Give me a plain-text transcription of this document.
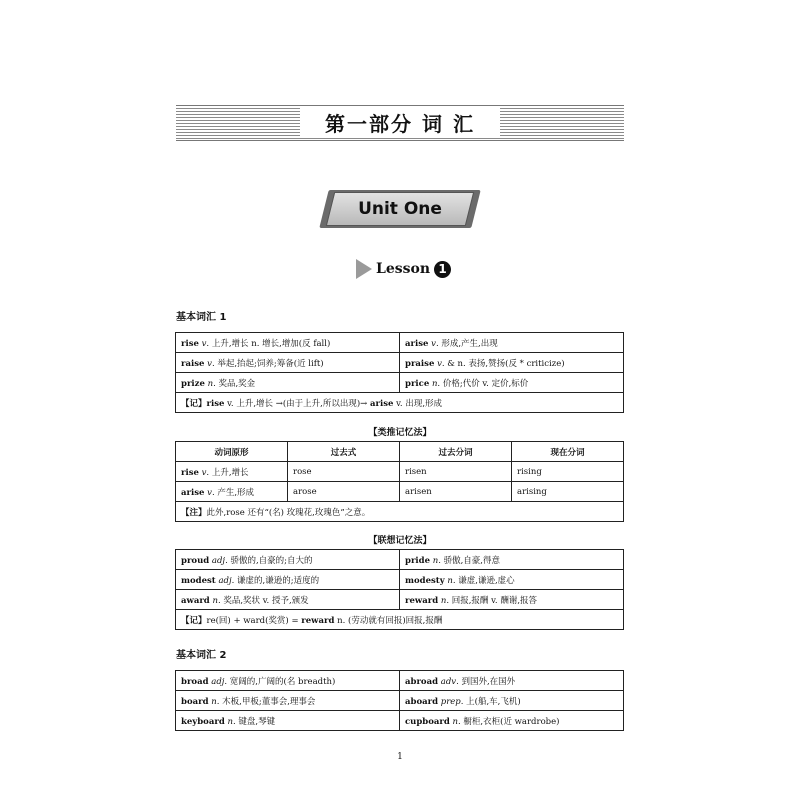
第一部分 词 汇
Unit One
Lesson 1
基本词汇 1
rise v. 上升,增长 n. 增长,增加(反 fall)	arise v. 形成,产生,出现
raise v. 举起,抬起;饲养;筹备(近 lift)	praise v. & n. 表扬,赞扬(反 * criticize)
prize n. 奖品,奖金	price n. 价格;代价 v. 定价,标价
【记】rise v. 上升,增长 →(由于上升,所以出现)→ arise v. 出现,形成	
【类推记忆法】
动词原形	过去式	过去分词	现在分词
rise v. 上升,增长	rose	risen	rising
arise v. 产生,形成	arose	arisen	arising
【注】此外,rose 还有“(名) 玫瑰花,玫瑰色”之意。			
【联想记忆法】
proud adj. 骄傲的,自豪的;自大的	pride n. 骄傲,自豪,得意
modest adj. 谦虚的,谦逊的;适度的	modesty n. 谦虚,谦逊,虚心
award n. 奖品,奖状 v. 授予,颁发	reward n. 回报,报酬 v. 酬谢,报答
【记】re(回) + ward(奖赏) = reward n. (劳动就有回报)回报,报酬	
基本词汇 2
broad adj. 宽阔的,广阔的(名 breadth)	abroad adv. 到国外,在国外
board n. 木板,甲板;董事会,理事会	aboard prep. 上(船,车,飞机)
keyboard n. 键盘,琴键	cupboard n. 橱柜,衣柜(近 wardrobe)
1
